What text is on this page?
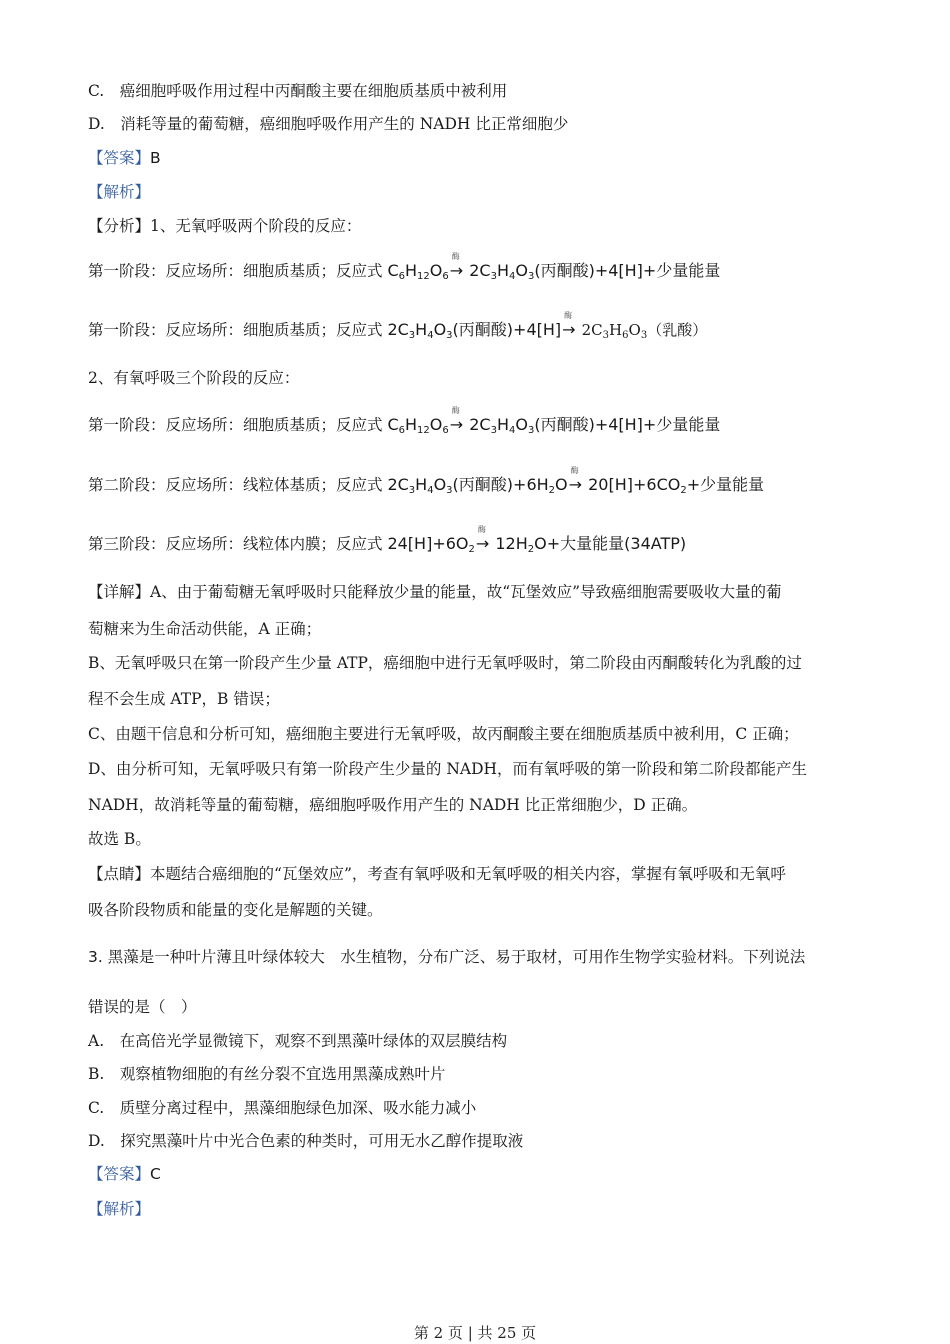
C.　癌细胞呼吸作用过程中丙酮酸主要在细胞质基质中被利用
D.　消耗等量的葡萄糖，癌细胞呼吸作用产生的 NADH 比正常细胞少
【答案】B
【解析】
【分析】1、无氧呼吸两个阶段的反应：
第一阶段：反应场所：细胞质基质；反应式 $C_6H_{12}O_6$
酶
→ $2C_3H_4O_3$(丙酮酸)+4[H]+少量能量
第一阶段：反应场所：细胞质基质；反应式 $2C_3H_4O_3$(丙酮酸)+4[H]
酶
→ $2C_3H_6O_3$（乳酸）
2、有氧呼吸三个阶段的反应：
第一阶段：反应场所：细胞质基质；反应式 $C_6H_{12}O_6$
酶
→ $2C_3H_4O_3$(丙酮酸)+4[H]+少量能量
第二阶段：反应场所：线粒体基质；反应式 $2C_3H_4O_3$(丙酮酸)$+6H_2O$
酶
→ $20[H]+6CO_2+$少量能量
第三阶段：反应场所：线粒体内膜；反应式 $24[H]+6O_2$
酶
→ $12H_2O+$大量能量(34ATP)
【详解】A、由于葡萄糖无氧呼吸时只能释放少量的能量，故“瓦堡效应”导致癌细胞需要吸收大量的葡
萄糖来为生命活动供能，A 正确；
B、无氧呼吸只在第一阶段产生少量 ATP，癌细胞中进行无氧呼吸时，第二阶段由丙酮酸转化为乳酸的过
程不会生成 ATP，B 错误；
C、由题干信息和分析可知，癌细胞主要进行无氧呼吸，故丙酮酸主要在细胞质基质中被利用，C 正确；
D、由分析可知，无氧呼吸只有第一阶段产生少量的 NADH，而有氧呼吸的第一阶段和第二阶段都能产生
NADH，故消耗等量的葡萄糖，癌细胞呼吸作用产生的 NADH 比正常细胞少，D 正确。
故选 B。
【点睛】本题结合癌细胞的“瓦堡效应”，考查有氧呼吸和无氧呼吸的相关内容，掌握有氧呼吸和无氧呼
吸各阶段物质和能量的变化是解题的关键。
3. 黑藻是一种叶片薄且叶绿体较大　水生植物，分布广泛、易于取材，可用作生物学实验材料。下列说法
错误的是（　）
A.　在高倍光学显微镜下，观察不到黑藻叶绿体的双层膜结构
B.　观察植物细胞的有丝分裂不宜选用黑藻成熟叶片
C.　质壁分离过程中，黑藻细胞绿色加深、吸水能力减小
D.　探究黑藻叶片中光合色素的种类时，可用无水乙醇作提取液
【答案】C
【解析】
第 2 页 | 共 25 页
